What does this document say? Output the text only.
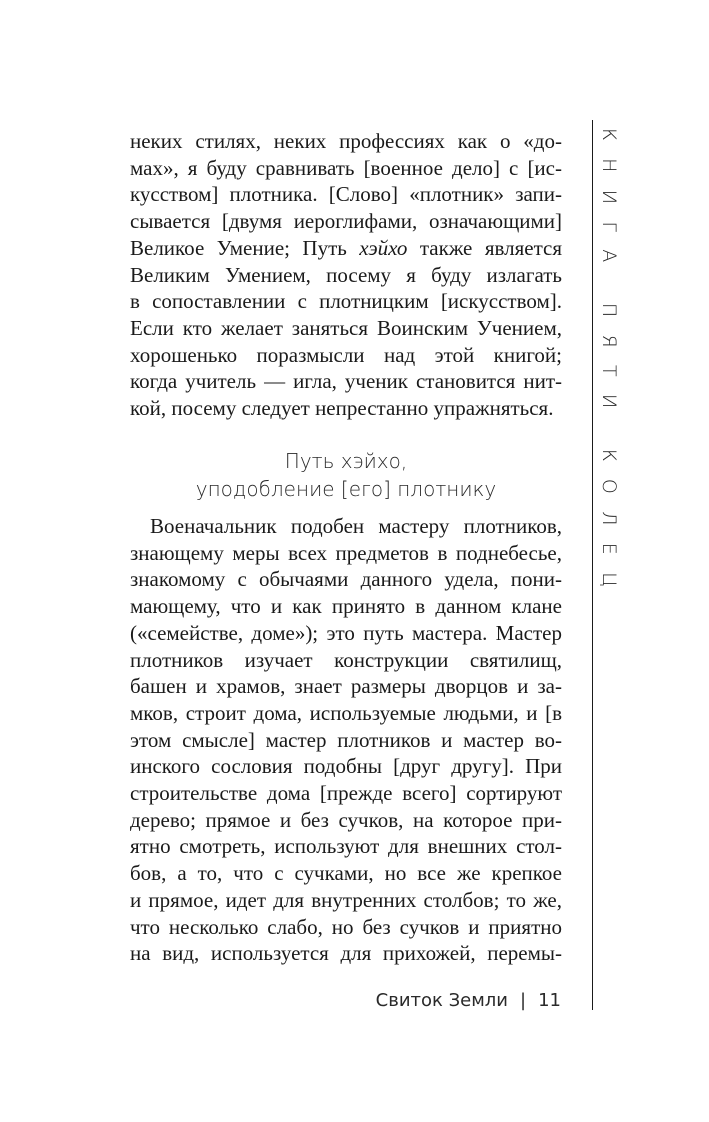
КНИГА ПЯТИ КОЛЕЦ
неких стилях, неких профессиях как о «до-
мах», я буду сравнивать [военное дело] с [ис-
кусством] плотника. [Слово] «плотник» запи-
сывается [двумя иероглифами, означающими]
Великое Умение; Путь хэйхо также является
Великим Умением, посему я буду излагать
в сопоставлении с плотницким [искусством].
Если кто желает заняться Воинским Учением,
хорошенько поразмысли над этой книгой;
когда учитель — игла, ученик становится нит-
кой, посему следует непрестанно упражняться.
Путь хэйхо,
уподобление [его] плотнику
Военачальник подобен мастеру плотников,
знающему меры всех предметов в поднебесье,
знакомому с обычаями данного удела, пони-
мающему, что и как принято в данном клане
(«семействе, доме»); это путь мастера. Мастер
плотников изучает конструкции святилищ,
башен и храмов, знает размеры дворцов и за-
мков, строит дома, используемые людьми, и [в
этом смысле] мастер плотников и мастер во-
инского сословия подобны [друг другу]. При
строительстве дома [прежде всего] сортируют
дерево; прямое и без сучков, на которое при-
ятно смотреть, используют для внешних стол-
бов, а то, что с сучками, но все же крепкое
и прямое, идет для внутренних столбов; то же,
что несколько слабо, но без сучков и приятно
на вид, используется для прихожей, перемы-
Свиток Земли | 11
